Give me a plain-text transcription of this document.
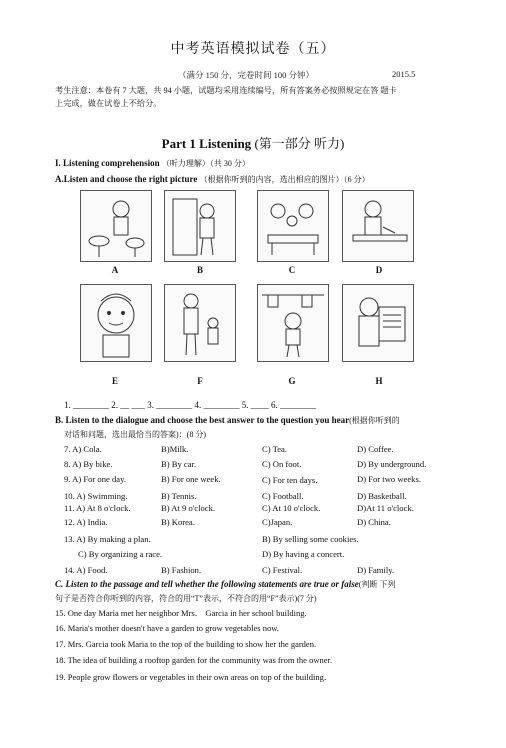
中考英语模拟试卷（五）
（满分 150 分，完卷时间 100 分钟）	2015.5
考生注意：本卷有 7 大题，共 94 小题，试题均采用连续编号，所有答案务必按照规定在答 题卡
上完成，做在试卷上不给分。
Part 1 Listening (第一部分 听力)
I. Listening comprehension （听力理解）（共 30 分）
A.Listen and choose the right picture （根据你听到的内容，选出相应的图片）（6 分）
A	B	C	D
E	F	G	H
1. ________ 2. __ ___ 3. ________ 4. ________ 5. ____ 6. ________
B. Listen to the dialogue and choose the best answer to the question you hear(根据你听到的
对话和问题，选出最恰当的答案)：(8 分)
7. A) Cola.	B)Milk.	C) Tea.	D) Coffee.
8. A) By bike.	B) By car.	C) On foot.	D) By underground.
9. A) For one day.	B) For one week.	C) For ten days．	D) For two weeks.
10. A) Swimming.	B) Tennis.	C) Football.	D) Basketball.
11. A) At 8 o'clock.	B) At 9 o'clock.	C) At 10 o'clock.	D)At 11 o'clock.
12. A) India.	B) Korea.	C)Japan.	D) China.
13. A) By making a plan.	B) By selling some cookies.
C) By organizing a race.	D) By having a concert.
14. A) Food.	B) Fashion.	C) Festival.	D) Family.
C. Listen to the passage and tell whether the following statements are true or false(判断 下列
句子是否符合你听到的内容，符合的用“T”表示，不符合的用“F”表示)(7 分)
15. One day Maria met her neighbor Mrs． Garcia in her school building.
16. Maria's mother doesn't have a garden to grow vegetables now.
17. Mrs. Garcia took Maria to the top of the building to show her the garden.
18. The idea of building a rooftop garden for the community was from the owner.
19. People grow flowers or vegetables in their own areas on top of the building．
